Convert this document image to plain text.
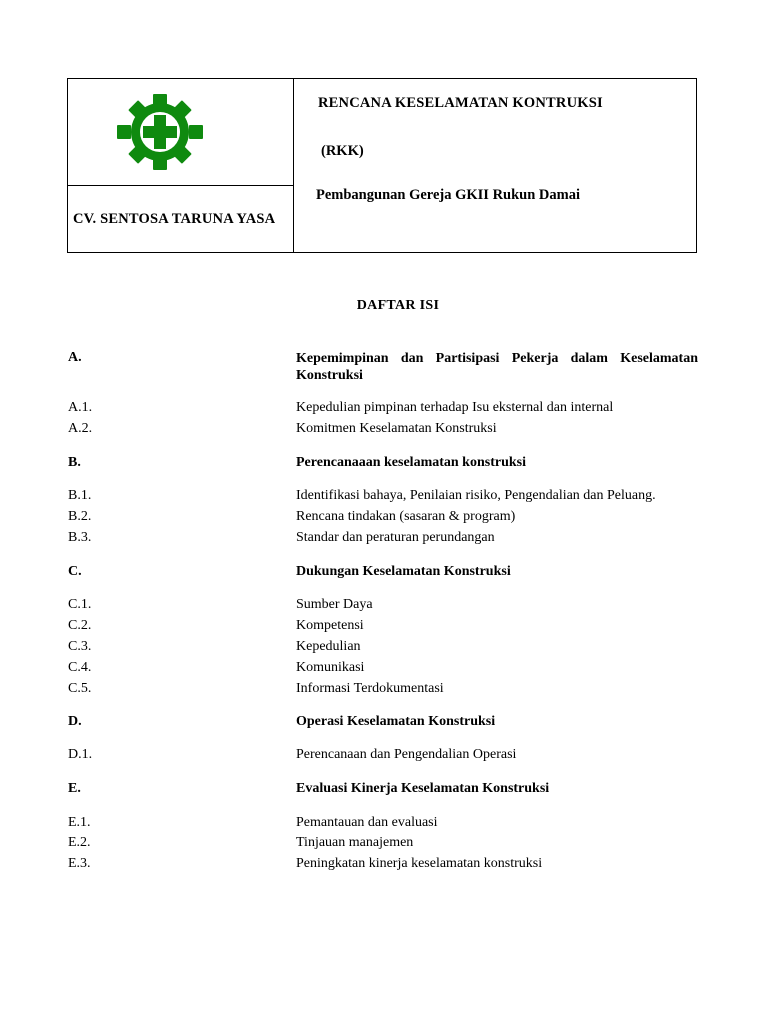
CV. SENTOSA TARUNA YASA
RENCANA KESELAMATAN KONTRUKSI
(RKK)
Pembangunan Gereja GKII Rukun Damai
DAFTAR ISI
A.	Kepemimpinan dan Partisipasi Pekerja dalam Keselamatan Konstruksi
A.1.	Kepedulian pimpinan terhadap Isu eksternal dan internal
A.2.	Komitmen Keselamatan Konstruksi
B.	Perencanaaan keselamatan konstruksi
B.1.	Identifikasi bahaya, Penilaian risiko, Pengendalian dan Peluang.
B.2.	Rencana tindakan (sasaran & program)
B.3.	Standar dan peraturan perundangan
C.	Dukungan Keselamatan Konstruksi
C.1.	Sumber Daya
C.2.	Kompetensi
C.3.	Kepedulian
C.4.	Komunikasi
C.5.	Informasi Terdokumentasi
D.	Operasi Keselamatan Konstruksi
D.1.	Perencanaan dan Pengendalian Operasi
E.	Evaluasi Kinerja Keselamatan Konstruksi
E.1.	Pemantauan dan evaluasi
E.2.	Tinjauan manajemen
E.3.	Peningkatan kinerja keselamatan konstruksi
